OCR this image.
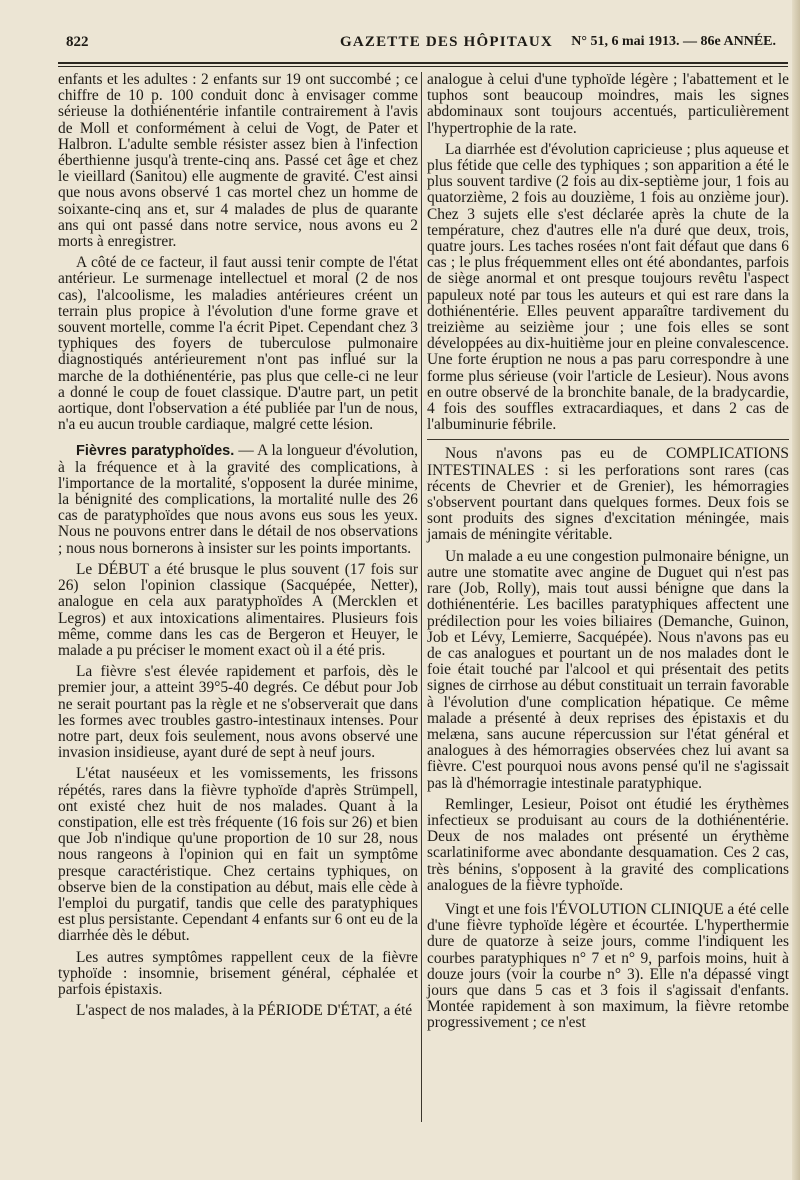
822	GAZETTE DES HÔPITAUX N° 51, 6 mai 1913. — 86e ANNÉE.

enfants et les adultes : 2 enfants sur 19 ont succombé ; ce chiffre de 10 p. 100 conduit donc à envisager comme sérieuse la dothiénentérie infantile contrairement à l'avis de Moll et conformément à celui de Vogt, de Pater et Halbron. L'adulte semble résister assez bien à l'infection éberthienne jusqu'à trente-cinq ans. Passé cet âge et chez le vieillard (Sanitou) elle augmente de gravité. C'est ainsi que nous avons observé 1 cas mortel chez un homme de soixante-cinq ans et, sur 4 malades de plus de quarante ans qui ont passé dans notre service, nous avons eu 2 morts à enregistrer.

A côté de ce facteur, il faut aussi tenir compte de l'état antérieur. Le surmenage intellectuel et moral (2 de nos cas), l'alcoolisme, les maladies antérieures créent un terrain plus propice à l'évolution d'une forme grave et souvent mortelle, comme l'a écrit Pipet. Cependant chez 3 typhiques des foyers de tuberculose pulmonaire diagnostiqués antérieurement n'ont pas influé sur la marche de la dothiénentérie, pas plus que celle-ci ne leur a donné le coup de fouet classique. D'autre part, un petit aortique, dont l'observation a été publiée par l'un de nous, n'a eu aucun trouble cardiaque, malgré cette lésion.

Fièvres paratyphoïdes. — A la longueur d'évolution, à la fréquence et à la gravité des complications, à l'importance de la mortalité, s'opposent la durée minime, la bénignité des complications, la mortalité nulle des 26 cas de paratyphoïdes que nous avons eus sous les yeux. Nous ne pouvons entrer dans le détail de nos observations ; nous nous bornerons à insister sur les points importants.

Le DÉBUT a été brusque le plus souvent (17 fois sur 26) selon l'opinion classique (Sacquépée, Netter), analogue en cela aux paratyphoïdes A (Mercklen et Legros) et aux intoxications alimentaires. Plusieurs fois même, comme dans les cas de Bergeron et Heuyer, le malade a pu préciser le moment exact où il a été pris.

La fièvre s'est élevée rapidement et parfois, dès le premier jour, a atteint 39°5-40 degrés. Ce début pour Job ne serait pourtant pas la règle et ne s'observerait que dans les formes avec troubles gastro-intestinaux intenses. Pour notre part, deux fois seulement, nous avons observé une invasion insidieuse, ayant duré de sept à neuf jours.

L'état nauséeux et les vomissements, les frissons répétés, rares dans la fièvre typhoïde d'après Strümpell, ont existé chez huit de nos malades. Quant à la constipation, elle est très fréquente (16 fois sur 26) et bien que Job n'indique qu'une proportion de 10 sur 28, nous nous rangeons à l'opinion qui en fait un symptôme presque caractéristique. Chez certains typhiques, on observe bien de la constipation au début, mais elle cède à l'emploi du purgatif, tandis que celle des paratyphiques est plus persistante. Cependant 4 enfants sur 6 ont eu de la diarrhée dès le début.

Les autres symptômes rappellent ceux de la fièvre typhoïde : insomnie, brisement général, céphalée et parfois épistaxis.

L'aspect de nos malades, à la PÉRIODE D'ÉTAT, a été

analogue à celui d'une typhoïde légère ; l'abattement et le tuphos sont beaucoup moindres, mais les signes abdominaux sont toujours accentués, particulièrement l'hypertrophie de la rate.

La diarrhée est d'évolution capricieuse ; plus aqueuse et plus fétide que celle des typhiques ; son apparition a été le plus souvent tardive (2 fois au dix-septième jour, 1 fois au quatorzième, 2 fois au douzième, 1 fois au onzième jour). Chez 3 sujets elle s'est déclarée après la chute de la température, chez d'autres elle n'a duré que deux, trois, quatre jours. Les taches rosées n'ont fait défaut que dans 6 cas ; le plus fréquemment elles ont été abondantes, parfois de siège anormal et ont presque toujours revêtu l'aspect papuleux noté par tous les auteurs et qui est rare dans la dothiénentérie. Elles peuvent apparaître tardivement du treizième au seizième jour ; une fois elles se sont développées au dix-huitième jour en pleine convalescence. Une forte éruption ne nous a pas paru correspondre à une forme plus sérieuse (voir l'article de Lesieur). Nous avons en outre observé de la bronchite banale, de la bradycardie, 4 fois des souffles extracardiaques, et dans 2 cas de l'albuminurie fébrile.

Nous n'avons pas eu de COMPLICATIONS INTESTINALES : si les perforations sont rares (cas récents de Chevrier et de Grenier), les hémorragies s'observent pourtant dans quelques formes. Deux fois se sont produits des signes d'excitation méningée, mais jamais de méningite véritable.

Un malade a eu une congestion pulmonaire bénigne, un autre une stomatite avec angine de Duguet qui n'est pas rare (Job, Rolly), mais tout aussi bénigne que dans la dothiénentérie. Les bacilles paratyphiques affectent une prédilection pour les voies biliaires (Demanche, Guinon, Job et Lévy, Lemierre, Sacquépée). Nous n'avons pas eu de cas analogues et pourtant un de nos malades dont le foie était touché par l'alcool et qui présentait des petits signes de cirrhose au début constituait un terrain favorable à l'évolution d'une complication hépatique. Ce même malade a présenté à deux reprises des épistaxis et du melæna, sans aucune répercussion sur l'état général et analogues à des hémorragies observées chez lui avant sa fièvre. C'est pourquoi nous avons pensé qu'il ne s'agissait pas là d'hémorragie intestinale paratyphique.

Remlinger, Lesieur, Poisot ont étudié les érythèmes infectieux se produisant au cours de la dothiénentérie. Deux de nos malades ont présenté un érythème scarlatiniforme avec abondante desquamation. Ces 2 cas, très bénins, s'opposent à la gravité des complications analogues de la fièvre typhoïde.

Vingt et une fois l'ÉVOLUTION CLINIQUE a été celle d'une fièvre typhoïde légère et écourtée. L'hyperthermie dure de quatorze à seize jours, comme l'indiquent les courbes paratyphiques n° 7 et n° 9, parfois moins, huit à douze jours (voir la courbe n° 3). Elle n'a dépassé vingt jours que dans 5 cas et 3 fois il s'agissait d'enfants. Montée rapidement à son maximum, la fièvre retombe progressivement ; ce n'est
